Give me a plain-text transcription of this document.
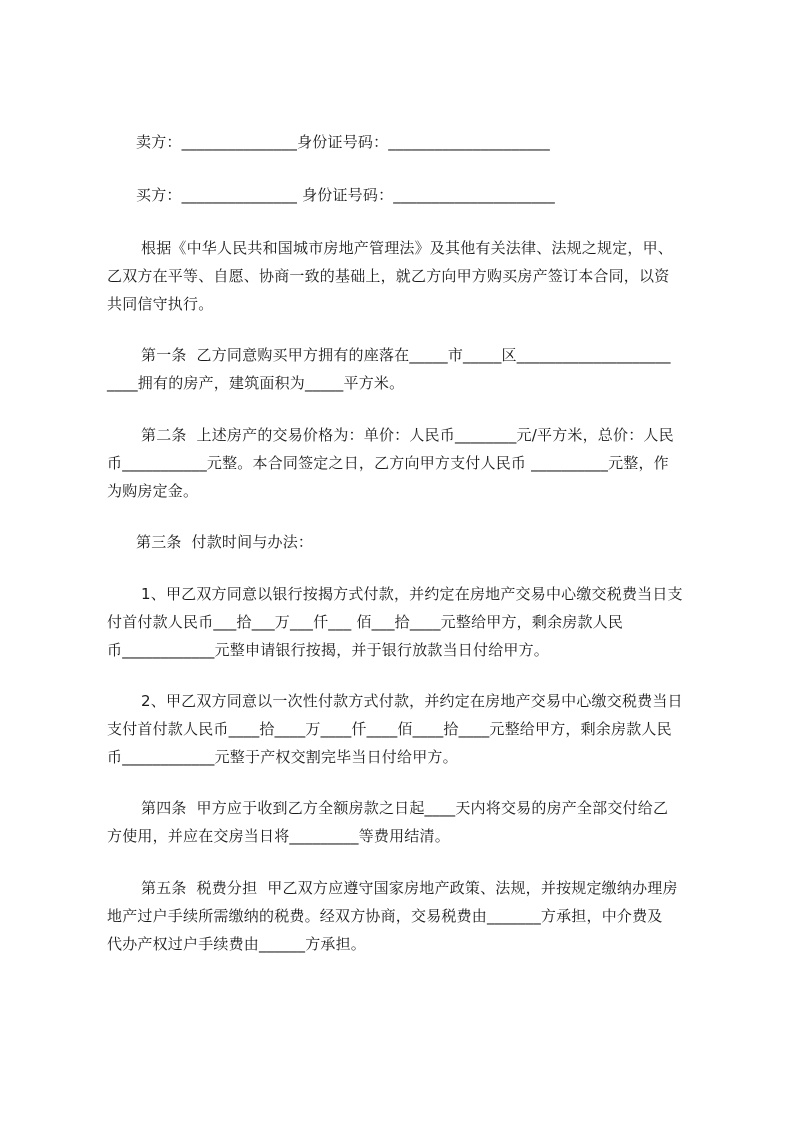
卖方：_______________身份证号码：_____________________
买方：_______________ 身份证号码：_____________________
根据《中华人民共和国城市房地产管理法》及其他有关法律、法规之规定，甲、
乙双方在平等、自愿、协商一致的基础上，就乙方向甲方购买房产签订本合同，以资
共同信守执行。
第一条  乙方同意购买甲方拥有的座落在_____市_____区____________________
____拥有的房产，建筑面积为_____平方米。
第二条  上述房产的交易价格为：单价：人民币________元/平方米，总价：人民
币___________元整。本合同签定之日，乙方向甲方支付人民币 __________元整，作
为购房定金。
第三条  付款时间与办法：
1、甲乙双方同意以银行按揭方式付款，并约定在房地产交易中心缴交税费当日支
付首付款人民币___拾___万___仟___ 佰___拾____元整给甲方，剩余房款人民
币____________元整申请银行按揭，并于银行放款当日付给甲方。
2、甲乙双方同意以一次性付款方式付款，并约定在房地产交易中心缴交税费当日
支付首付款人民币____拾____万____仟____佰____拾____元整给甲方，剩余房款人民
币____________元整于产权交割完毕当日付给甲方。
第四条  甲方应于收到乙方全额房款之日起____天内将交易的房产全部交付给乙
方使用，并应在交房当日将_________等费用结清。
第五条  税费分担  甲乙双方应遵守国家房地产政策、法规，并按规定缴纳办理房
地产过户手续所需缴纳的税费。经双方协商，交易税费由_______方承担，中介费及
代办产权过户手续费由______方承担。
